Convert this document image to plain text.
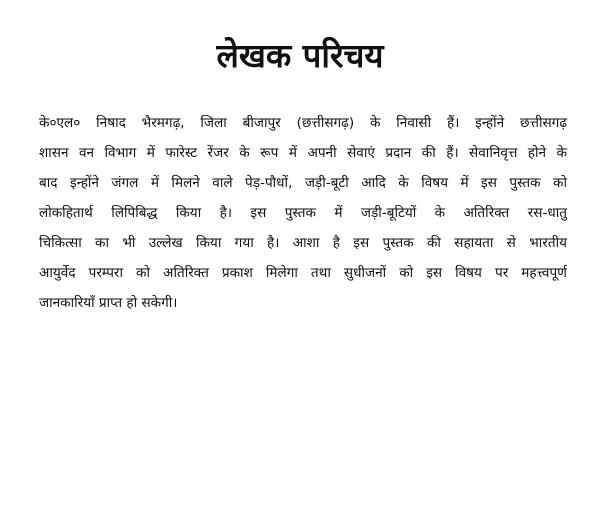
लेखक परिचय
के०एल० निषाद भैरमगढ़, जिला बीजापुर (छत्तीसगढ़) के निवासी हैं। इन्होंने छत्तीसगढ़
शासन वन विभाग में फारेस्ट रेंजर के रूप में अपनी सेवाएं प्रदान की हैं। सेवानिवृत्त होने के
बाद इन्होंने जंगल में मिलने वाले पेड़-पौधों, जड़ी-बूटी आदि के विषय में इस पुस्तक को
लोकहितार्थ लिपिबिद्ध किया है। इस पुस्तक में जड़ी-बूटियों के अतिरिक्त रस-धातु
चिकित्सा का भी उल्लेख किया गया है। आशा है इस पुस्तक की सहायता से भारतीय
आयुर्वेद परम्परा को अतिरिक्त प्रकाश मिलेगा तथा सुधीजनों को इस विषय पर महत्त्वपूर्ण
जानकारियाँ प्राप्त हो सकेगी।
